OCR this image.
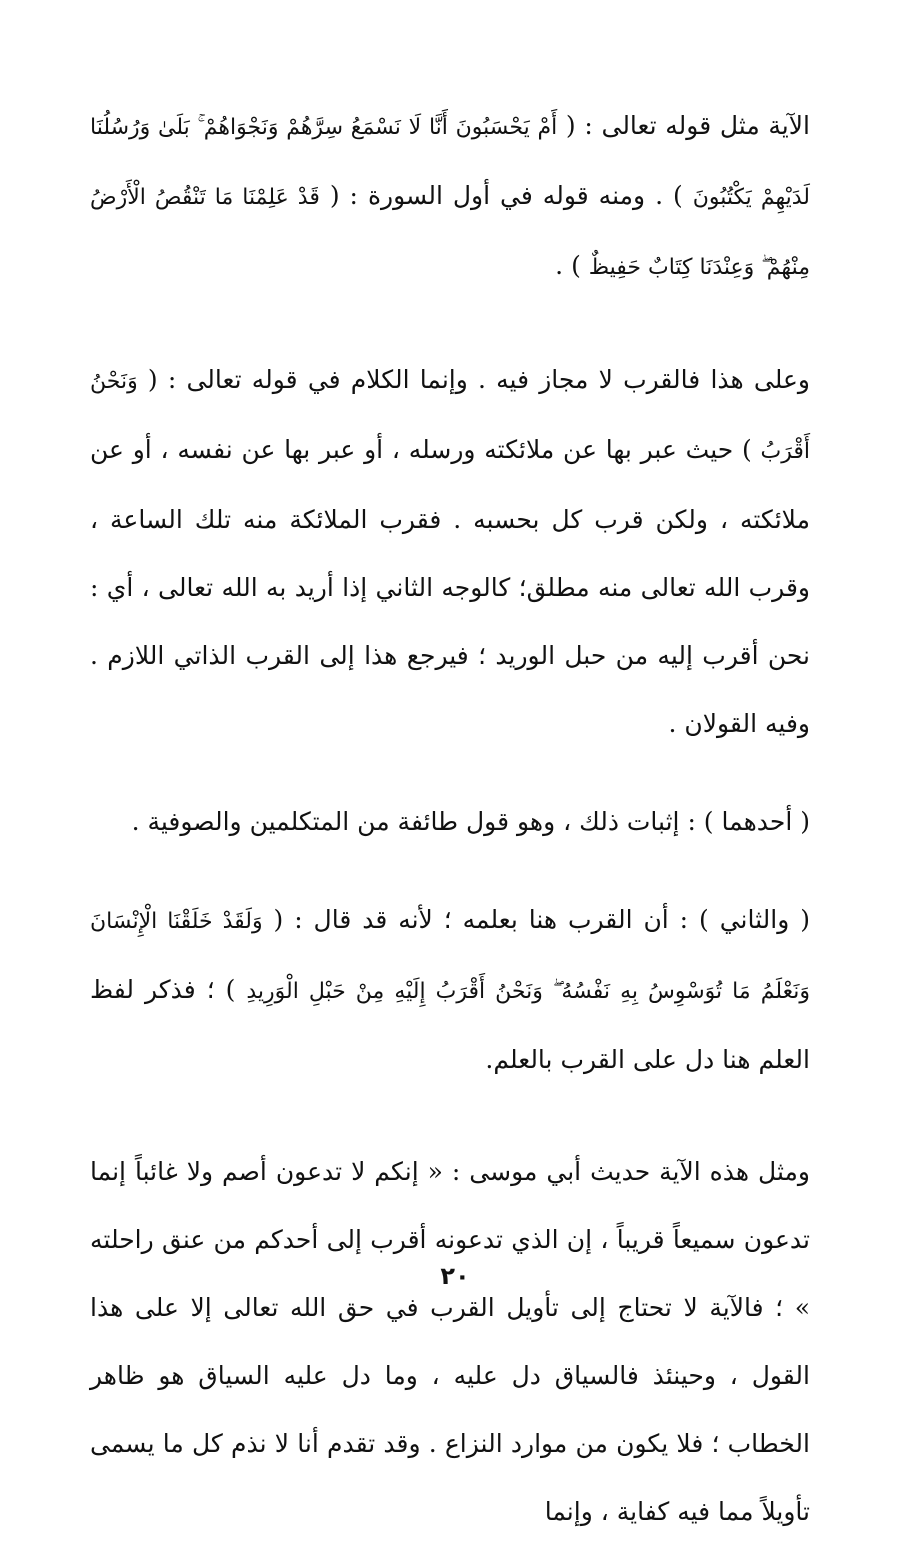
الآية مثل قوله تعالى : ( أَمْ يَحْسَبُونَ أَنَّا لَا نَسْمَعُ سِرَّهُمْ وَنَجْوَاهُمْ ۚ بَلَىٰ وَرُسُلُنَا لَدَيْهِمْ يَكْتُبُونَ ) . ومنه قوله في أول السورة : ( قَدْ عَلِمْنَا مَا تَنْقُصُ الْأَرْضُ مِنْهُمْ ۖ وَعِنْدَنَا كِتَابٌ حَفِيظٌ ) .

وعلى هذا فالقرب لا مجاز فيه . وإنما الكلام في قوله تعالى : ( وَنَحْنُ أَقْرَبُ ) حيث عبر بها عن ملائكته ورسله ، أو عبر بها عن نفسه ، أو عن ملائكته ، ولكن قرب كل بحسبه . فقرب الملائكة منه تلك الساعة ، وقرب الله تعالى منه مطلق؛ كالوجه الثاني إذا أريد به الله تعالى ، أي : نحن أقرب إليه من حبل الوريد ؛ فيرجع هذا إلى القرب الذاتي اللازم . وفيه القولان .

( أحدهما ) : إثبات ذلك ، وهو قول طائفة من المتكلمين والصوفية .

( والثاني ) : أن القرب هنا بعلمه ؛ لأنه قد قال : ( وَلَقَدْ خَلَقْنَا الْإِنْسَانَ وَنَعْلَمُ مَا تُوَسْوِسُ بِهِ نَفْسُهُ ۖ وَنَحْنُ أَقْرَبُ إِلَيْهِ مِنْ حَبْلِ الْوَرِيدِ ) ؛ فذكر لفظ العلم هنا دل على القرب بالعلم.

ومثل هذه الآية حديث أبي موسى : « إنكم لا تدعون أصم ولا غائباً إنما تدعون سميعاً قريباً ، إن الذي تدعونه أقرب إلى أحدكم من عنق راحلته » ؛ فالآية لا تحتاج إلى تأويل القرب في حق الله تعالى إلا على هذا القول ، وحينئذ فالسياق دل عليه ، وما دل عليه السياق هو ظاهر الخطاب ؛ فلا يكون من موارد النزاع . وقد تقدم أنا لا نذم كل ما يسمى تأويلاً مما فيه كفاية ، وإنما

٢٠
